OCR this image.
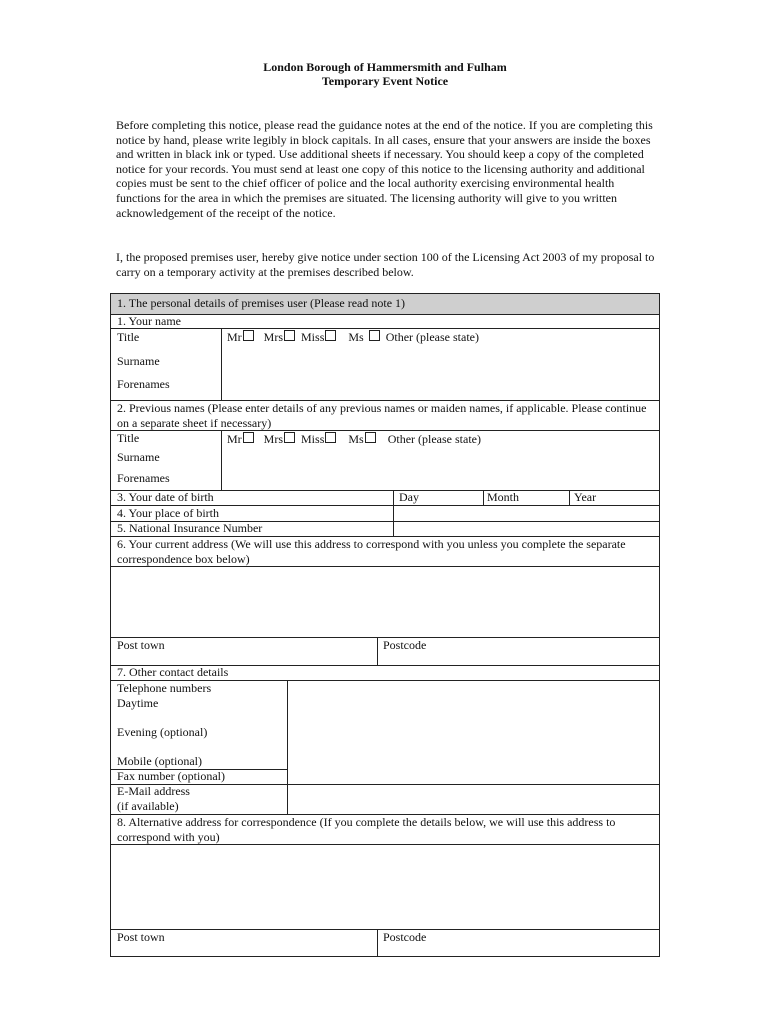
London Borough of Hammersmith and Fulham
Temporary Event Notice
Before completing this notice, please read the guidance notes at the end of the notice. If you are completing this notice by hand, please write legibly in block capitals. In all cases, ensure that your answers are inside the boxes and written in black ink or typed. Use additional sheets if necessary. You should keep a copy of the completed notice for your records. You must send at least one copy of this notice to the licensing authority and additional copies must be sent to the chief officer of police and the local authority exercising environmental health functions for the area in which the premises are situated. The licensing authority will give to you written acknowledgement of the receipt of the notice.
I, the proposed premises user, hereby give notice under section 100 of the Licensing Act 2003 of my proposal to carry on a temporary activity at the premises described below.
1. The personal details of premises user (Please read note 1)
1. Your name
Title	Mr Mrs Miss Ms Other (please state)
Surname
Forenames
2. Previous names (Please enter details of any previous names or maiden names, if applicable. Please continue on a separate sheet if necessary)
Title	Mr Mrs Miss Ms Other (please state)
Surname
Forenames
3. Your date of birth	Day	Month	Year
4. Your place of birth
5. National Insurance Number
6. Your current address (We will use this address to correspond with you unless you complete the separate correspondence box below)
Post town	Postcode
7. Other contact details
Telephone numbers
Daytime
Evening (optional)
Mobile (optional)
Fax number (optional)
E-Mail address
(if available)
8. Alternative address for correspondence (If you complete the details below, we will use this address to correspond with you)
Post town	Postcode
